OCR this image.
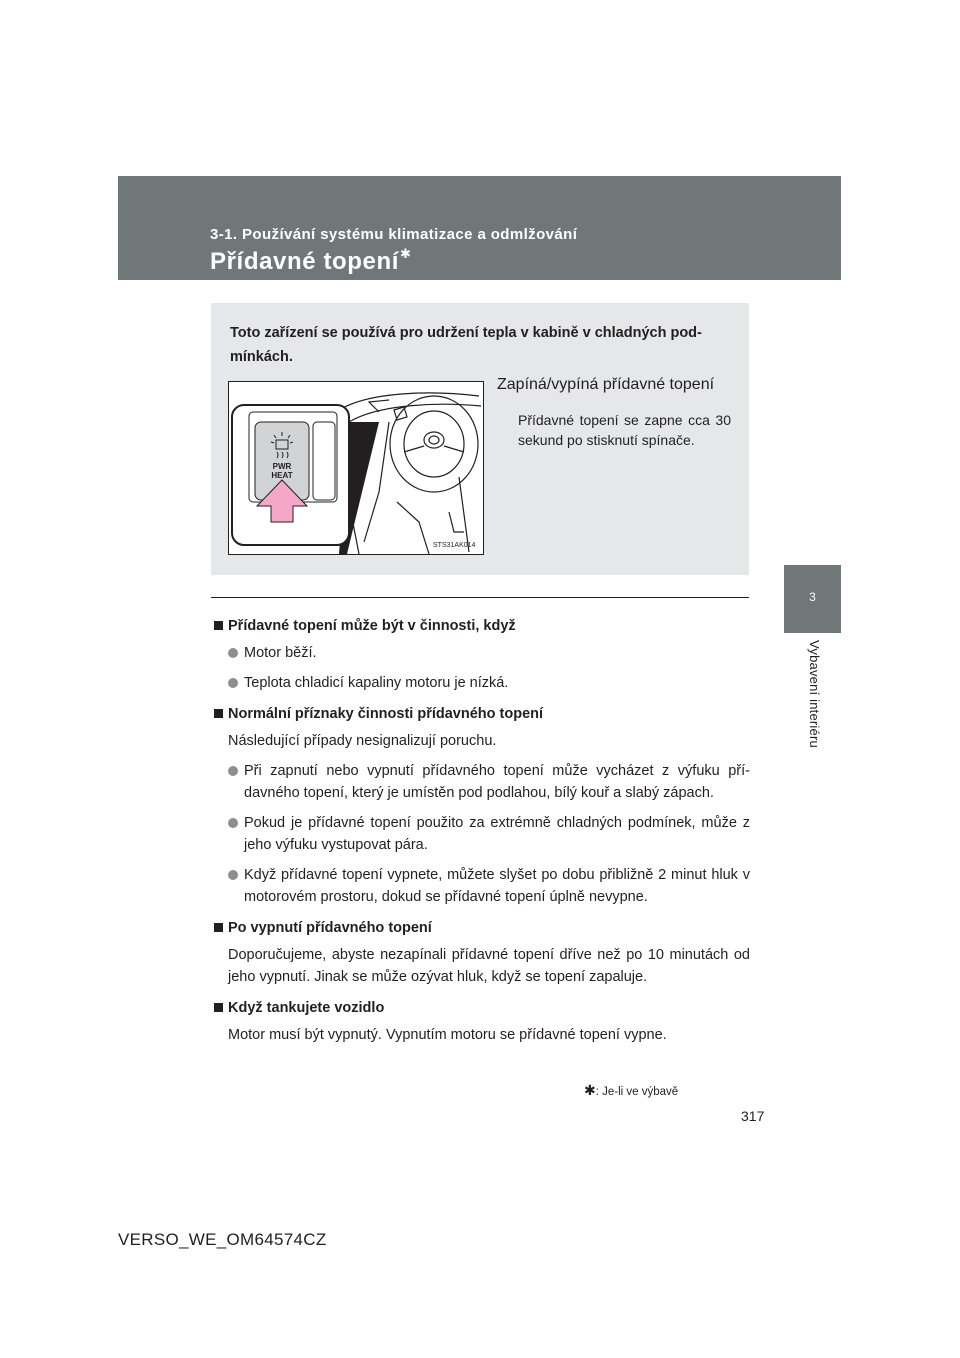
3-1. Používání systému klimatizace a odmlžování
Přídavné topení✱
3
Vybavení interiéru
Toto zařízení se používá pro udržení tepla v kabině v chladných pod-mínkách.
PWR
HEAT
STS31AK014
Zapíná/vypíná přídavné topení
Přídavné topení se zapne cca 30 sekund po stisknutí spínače.
Přídavné topení může být v činnosti, když
Motor běží.
Teplota chladicí kapaliny motoru je nízká.
Normální příznaky činnosti přídavného topení
Následující případy nesignalizují poruchu.
Při zapnutí nebo vypnutí přídavného topení může vycházet z výfuku pří-davného topení, který je umístěn pod podlahou, bílý kouř a slabý zápach.
Pokud je přídavné topení použito za extrémně chladných podmínek, může z jeho výfuku vystupovat pára.
Když přídavné topení vypnete, můžete slyšet po dobu přibližně 2 minut hluk v motorovém prostoru, dokud se přídavné topení úplně nevypne.
Po vypnutí přídavného topení
Doporučujeme, abyste nezapínali přídavné topení dříve než po 10 minutách od jeho vypnutí. Jinak se může ozývat hluk, když se topení zapaluje.
Když tankujete vozidlo
Motor musí být vypnutý. Vypnutím motoru se přídavné topení vypne.
✱: Je-li ve výbavě
317
VERSO_WE_OM64574CZ
